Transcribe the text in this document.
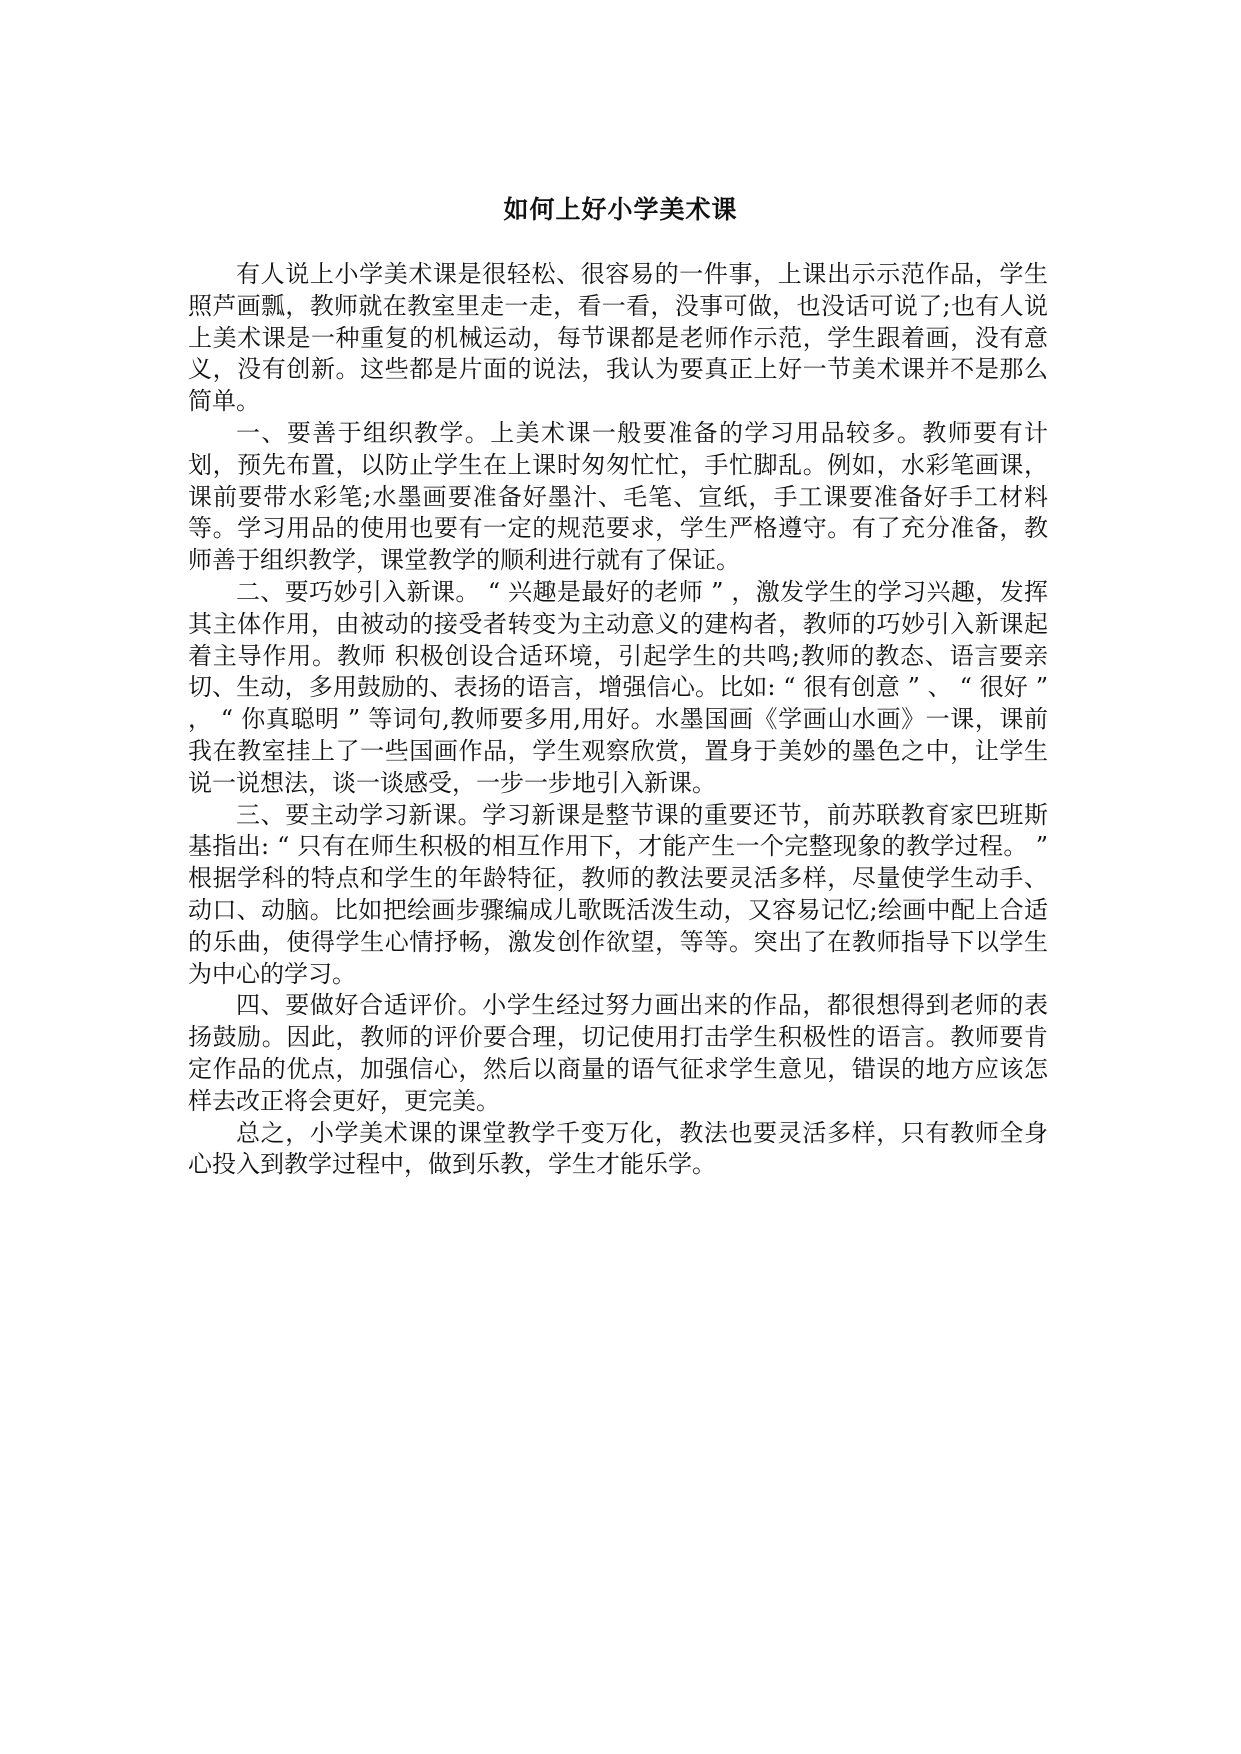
如何上好小学美术课

有人说上小学美术课是很轻松、很容易的一件事，上课出示示范作品，学生照芦画瓢，教师就在教室里走一走，看一看，没事可做，也没话可说了;也有人说上美术课是一种重复的机械运动，每节课都是老师作示范，学生跟着画，没有意义，没有创新。这些都是片面的说法，我认为要真正上好一节美术课并不是那么简单。

一、要善于组织教学。上美术课一般要准备的学习用品较多。教师要有计划，预先布置，以防止学生在上课时匆匆忙忙，手忙脚乱。例如，水彩笔画课，课前要带水彩笔;水墨画要准备好墨汁、毛笔、宣纸，手工课要准备好手工材料等。学习用品的使用也要有一定的规范要求，学生严格遵守。有了充分准备，教师善于组织教学，课堂教学的顺利进行就有了保证。

二、要巧妙引入新课。 “ 兴趣是最好的老师 ” ，激发学生的学习兴趣，发挥其主体作用，由被动的接受者转变为主动意义的建构者，教师的巧妙引入新课起着主导作用。教师 积极创设合适环境，引起学生的共鸣;教师的教态、语言要亲切、生动，多用鼓励的、表扬的语言，增强信心。比如: “ 很有创意 ” 、 “ 很好 ” ， “ 你真聪明 ” 等词句,教师要多用,用好。水墨国画《学画山水画》一课，课前我在教室挂上了一些国画作品，学生观察欣赏，置身于美妙的墨色之中，让学生说一说想法，谈一谈感受，一步一步地引入新课。

三、要主动学习新课。学习新课是整节课的重要还节，前苏联教育家巴班斯基指出: “ 只有在师生积极的相互作用下，才能产生一个完整现象的教学过程。 ” 根据学科的特点和学生的年龄特征，教师的教法要灵活多样，尽量使学生动手、动口、动脑。比如把绘画步骤编成儿歌既活泼生动，又容易记忆;绘画中配上合适的乐曲，使得学生心情抒畅，激发创作欲望，等等。突出了在教师指导下以学生为中心的学习。

四、要做好合适评价。小学生经过努力画出来的作品，都很想得到老师的表扬鼓励。因此，教师的评价要合理，切记使用打击学生积极性的语言。教师要肯定作品的优点，加强信心，然后以商量的语气征求学生意见，错误的地方应该怎样去改正将会更好，更完美。

总之，小学美术课的课堂教学千变万化，教法也要灵活多样，只有教师全身心投入到教学过程中，做到乐教，学生才能乐学。
